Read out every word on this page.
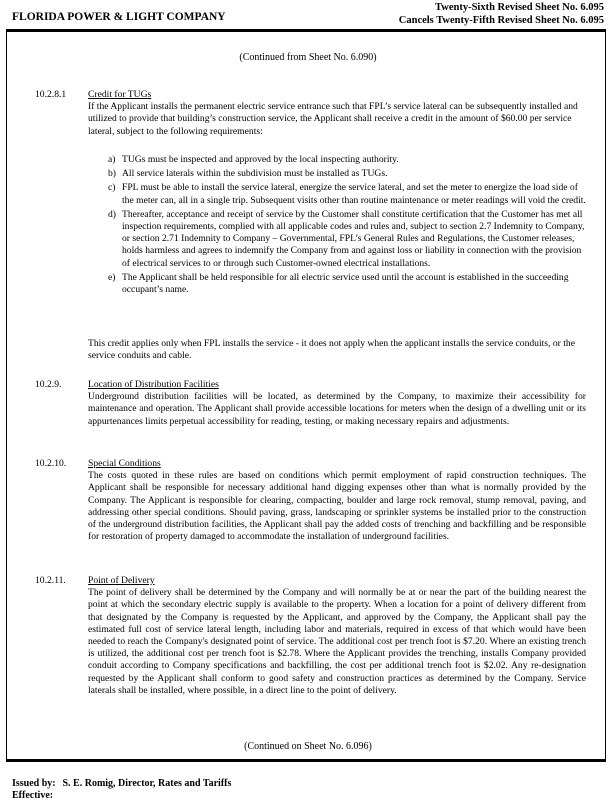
FLORIDA POWER & LIGHT COMPANY
Twenty-Sixth Revised Sheet No. 6.095
Cancels Twenty-Fifth Revised Sheet No. 6.095
(Continued from Sheet No. 6.090)
10.2.8.1 Credit for TUGs
If the Applicant installs the permanent electric service entrance such that FPL’s service lateral can be subsequently installed and utilized to provide that building’s construction service, the Applicant shall receive a credit in the amount of $60.00 per service lateral, subject to the following requirements:
a) TUGs must be inspected and approved by the local inspecting authority.
b) All service laterals within the subdivision must be installed as TUGs.
c) FPL must be able to install the service lateral, energize the service lateral, and set the meter to energize the load side of the meter can, all in a single trip. Subsequent visits other than routine maintenance or meter readings will void the credit.
d) Thereafter, acceptance and receipt of service by the Customer shall constitute certification that the Customer has met all inspection requirements, complied with all applicable codes and rules and, subject to section 2.7 Indemnity to Company, or section 2.71 Indemnity to Company – Governmental, FPL’s General Rules and Regulations, the Customer releases, holds harmless and agrees to indemnify the Company from and against loss or liability in connection with the provision of electrical services to or through such Customer-owned electrical installations.
e) The Applicant shall be held responsible for all electric service used until the account is established in the succeeding occupant’s name.
This credit applies only when FPL installs the service - it does not apply when the applicant installs the service conduits, or the service conduits and cable.
10.2.9.	Location of Distribution Facilities
Underground distribution facilities will be located, as determined by the Company, to maximize their accessibility for maintenance and operation. The Applicant shall provide accessible locations for meters when the design of a dwelling unit or its appurtenances limits perpetual accessibility for reading, testing, or making necessary repairs and adjustments.
10.2.10. Special Conditions
The costs quoted in these rules are based on conditions which permit employment of rapid construction techniques. The Applicant shall be responsible for necessary additional hand digging expenses other than what is normally provided by the Company. The Applicant is responsible for clearing, compacting, boulder and large rock removal, stump removal, paving, and addressing other special conditions. Should paving, grass, landscaping or sprinkler systems be installed prior to the construction of the underground distribution facilities, the Applicant shall pay the added costs of trenching and backfilling and be responsible for restoration of property damaged to accommodate the installation of underground facilities.
10.2.11. Point of Delivery
The point of delivery shall be determined by the Company and will normally be at or near the part of the building nearest the point at which the secondary electric supply is available to the property. When a location for a point of delivery different from that designated by the Company is requested by the Applicant, and approved by the Company, the Applicant shall pay the estimated full cost of service lateral length, including labor and materials, required in excess of that which would have been needed to reach the Company's designated point of service. The additional cost per trench foot is $7.20. Where an existing trench is utilized, the additional cost per trench foot is $2.78. Where the Applicant provides the trenching, installs Company provided conduit according to Company specifications and backfilling, the cost per additional trench foot is $2.02. Any re-designation requested by the Applicant shall conform to good safety and construction practices as determined by the Company. Service laterals shall be installed, where possible, in a direct line to the point of delivery.
(Continued on Sheet No. 6.096)
Issued by: S. E. Romig, Director, Rates and Tariffs
Effective:
